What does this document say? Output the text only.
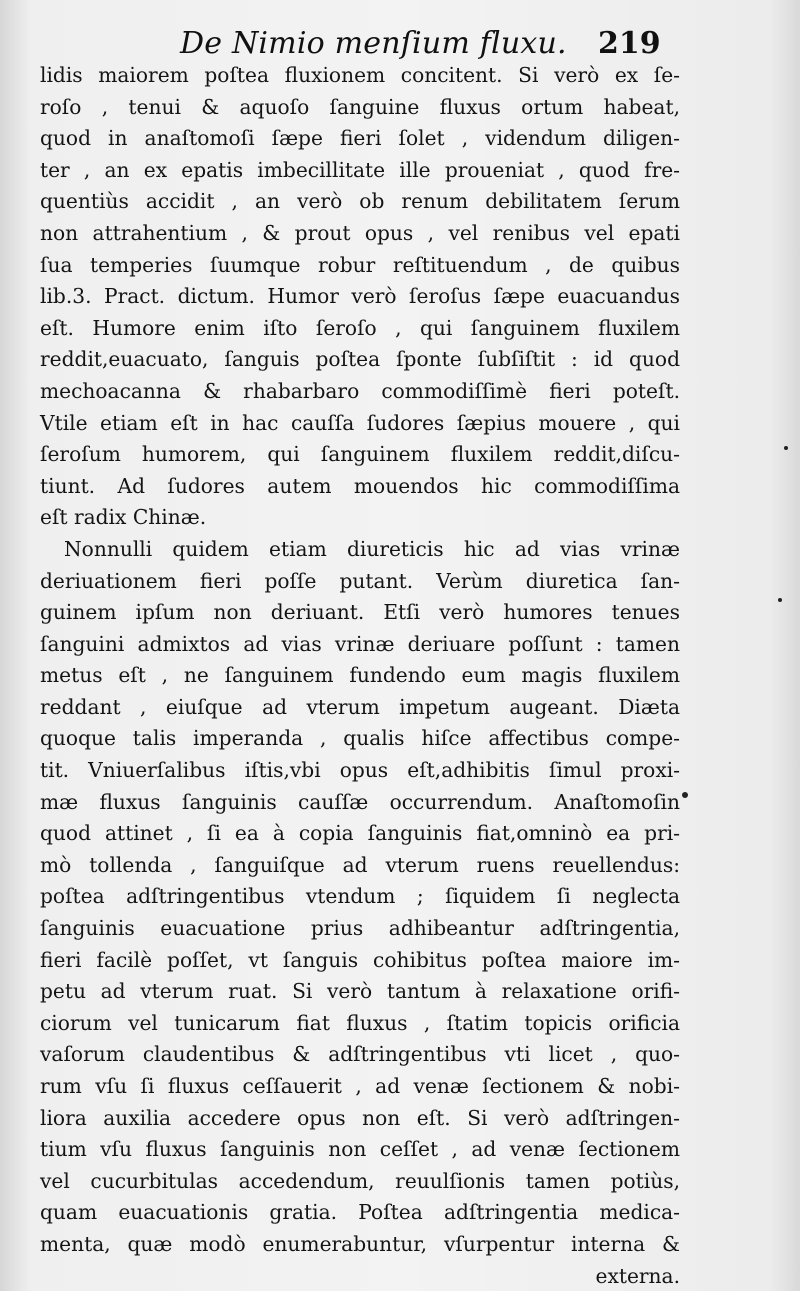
De Nimio menſium fluxu. 219
lidis maiorem poſtea fluxionem concitent. Si verò ex ſe-
roſo , tenui & aquoſo ſanguine fluxus ortum habeat,
quod in anaſtomoſi ſæpe fieri ſolet , videndum diligen-
ter , an ex epatis imbecillitate ille proueniat , quod fre-
quentiùs accidit , an verò ob renum debilitatem ſerum
non attrahentium , & prout opus , vel renibus vel epati
ſua temperies ſuumque robur reſtituendum , de quibus
lib.3. Pract. dictum. Humor verò ſeroſus ſæpe euacuandus
eſt. Humore enim iſto ſeroſo , qui ſanguinem fluxilem
reddit,euacuato, ſanguis poſtea ſponte ſubſiſtit : id quod
mechoacanna & rhabarbaro commodiſſimè fieri poteſt.
Vtile etiam eſt in hac cauſſa ſudores ſæpius mouere , qui
ſeroſum humorem, qui ſanguinem fluxilem reddit,diſcu-
tiunt. Ad ſudores autem mouendos hic commodiſſima
eſt radix Chinæ.
Nonnulli quidem etiam diureticis hic ad vias vrinæ
deriuationem fieri poſſe putant. Verùm diuretica ſan-
guinem ipſum non deriuant. Etſi verò humores tenues
ſanguini admixtos ad vias vrinæ deriuare poſſunt : tamen
metus eſt , ne ſanguinem fundendo eum magis fluxilem
reddant , eiuſque ad vterum impetum augeant. Diæta
quoque talis imperanda , qualis hiſce affectibus compe-
tit. Vniuerſalibus iſtis,vbi opus eſt,adhibitis ſimul proxi-
mæ fluxus ſanguinis cauſſæ occurrendum. Anaſtomoſin
quod attinet , ſi ea à copia ſanguinis fiat,omninò ea pri-
mò tollenda , ſanguiſque ad vterum ruens reuellendus:
poſtea adſtringentibus vtendum ; ſiquidem ſi neglecta
ſanguinis euacuatione prius adhibeantur adſtringentia,
fieri facilè poſſet, vt ſanguis cohibitus poſtea maiore im-
petu ad vterum ruat. Si verò tantum à relaxatione orifi-
ciorum vel tunicarum fiat fluxus , ſtatim topicis orificia
vaſorum claudentibus & adſtringentibus vti licet , quo-
rum vſu ſi fluxus ceſſauerit , ad venæ ſectionem & nobi-
liora auxilia accedere opus non eſt. Si verò adſtringen-
tium vſu fluxus ſanguinis non ceſſet , ad venæ ſectionem
vel cucurbitulas accedendum, reuulſionis tamen potiùs,
quam euacuationis gratia. Poſtea adſtringentia medica-
menta, quæ modò enumerabuntur, vſurpentur interna &
externa.
